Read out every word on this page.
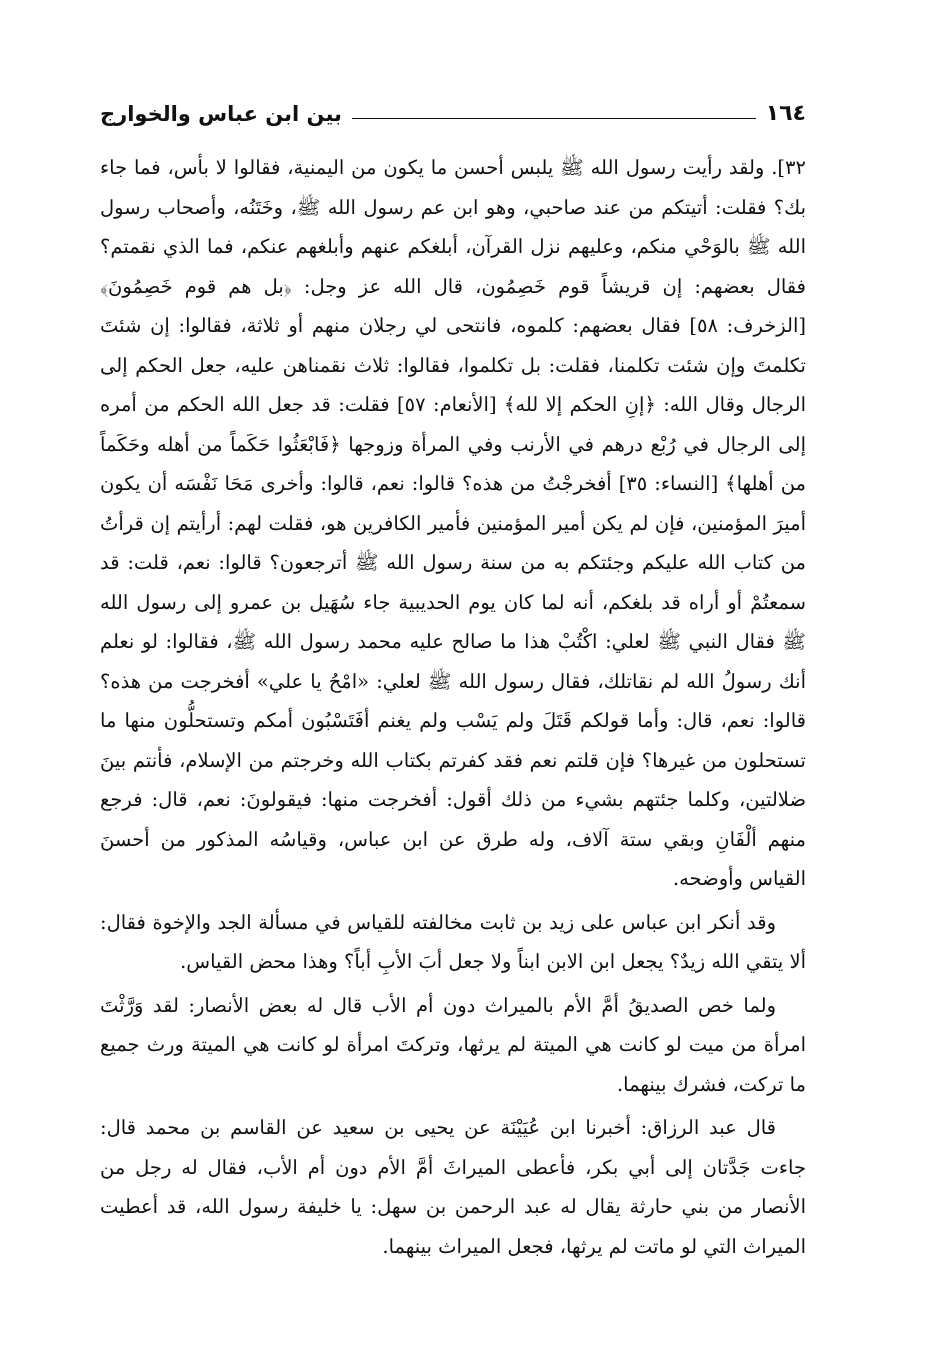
١٦٤
بين ابن عباس والخوارج

٣٢]. ولقد رأيت رسول الله ﷺ يلبس أحسن ما يكون من اليمنية، فقالوا لا بأس، فما جاء بك؟ فقلت: أتيتكم من عند صاحبي، وهو ابن عم رسول الله ﷺ، وخَتَنُه، وأصحاب رسول الله ﷺ بالوَحْي منكم، وعليهم نزل القرآن، أبلغكم عنهم وأبلغهم عنكم، فما الذي نقمتم؟ فقال بعضهم: إن قريشاً قوم خَصِمُون، قال الله عز وجل: ﴿بل هم قوم خَصِمُونَ﴾ [الزخرف: ٥٨] فقال بعضهم: كلموه، فانتحى لي رجلان منهم أو ثلاثة، فقالوا: إن شئتَ تكلمتَ وإن شئت تكلمنا، فقلت: بل تكلموا، فقالوا: ثلاث نقمناهن عليه، جعل الحكم إلى الرجال وقال الله: ﴿إنِ الحكم إلا لله﴾ [الأنعام: ٥٧] فقلت: قد جعل الله الحكم من أمره إلى الرجال في رُبْع درهم في الأرنب وفي المرأة وزوجها ﴿فَابْعَثُوا حَكَماً من أهله وحَكَماً من أهلها﴾ [النساء: ٣٥] أفخرجْتُ من هذه؟ قالوا: نعم، قالوا: وأخرى مَحَا نَفْسَه أن يكون أميرَ المؤمنين، فإن لم يكن أمير المؤمنين فأمير الكافرين هو، فقلت لهم: أرأيتم إن قرأتُ من كتاب الله عليكم وجئتكم به من سنة رسول الله ﷺ أترجعون؟ قالوا: نعم، قلت: قد سمعتُمْ أو أراه قد بلغكم، أنه لما كان يوم الحديبية جاء سُهَيل بن عمرو إلى رسول الله ﷺ فقال النبي ﷺ لعلي: اكْتُبْ هذا ما صالح عليه محمد رسول الله ﷺ، فقالوا: لو نعلم أنك رسولُ الله لم نقاتلك، فقال رسول الله ﷺ لعلي: «امْحُ يا علي» أفخرجت من هذه؟ قالوا: نعم، قال: وأما قولكم قَتَلَ ولم يَسْب ولم يغنم أفَتَسْبُون أمكم وتستحلُّون منها ما تستحلون من غيرها؟ فإن قلتم نعم فقد كفرتم بكتاب الله وخرجتم من الإسلام، فأنتم بينَ ضلالتين، وكلما جئتهم بشيء من ذلك أقول: أفخرجت منها: فيقولونَ: نعم، قال: فرجع منهم ألْفَانِ وبقي ستة آلاف، وله طرق عن ابن عباس، وقياسُه المذكور من أحسنَ القياس وأوضحه.

وقد أنكر ابن عباس على زيد بن ثابت مخالفته للقياس في مسألة الجد والإخوة فقال: ألا يتقي الله زيدٌ؟ يجعل ابن الابن ابناً ولا جعل أبَ الأبِ أباً؟ وهذا محض القياس.

ولما خص الصديقُ أمَّ الأم بالميراث دون أم الأب قال له بعض الأنصار: لقد وَرَّثْتَ امرأة من ميت لو كانت هي الميتة لم يرثها، وتركتَ امرأة لو كانت هي الميتة ورث جميع ما تركت، فشرك بينهما.

قال عبد الرزاق: أخبرنا ابن عُيَيْنَة عن يحيى بن سعيد عن القاسم بن محمد قال: جاءت جَدَّتان إلى أبي بكر، فأعطى الميراثَ أمَّ الأم دون أم الأب، فقال له رجل من الأنصار من بني حارثة يقال له عبد الرحمن بن سهل: يا خليفة رسول الله، قد أعطيت الميراث التي لو ماتت لم يرثها، فجعل الميراث بينهما.
